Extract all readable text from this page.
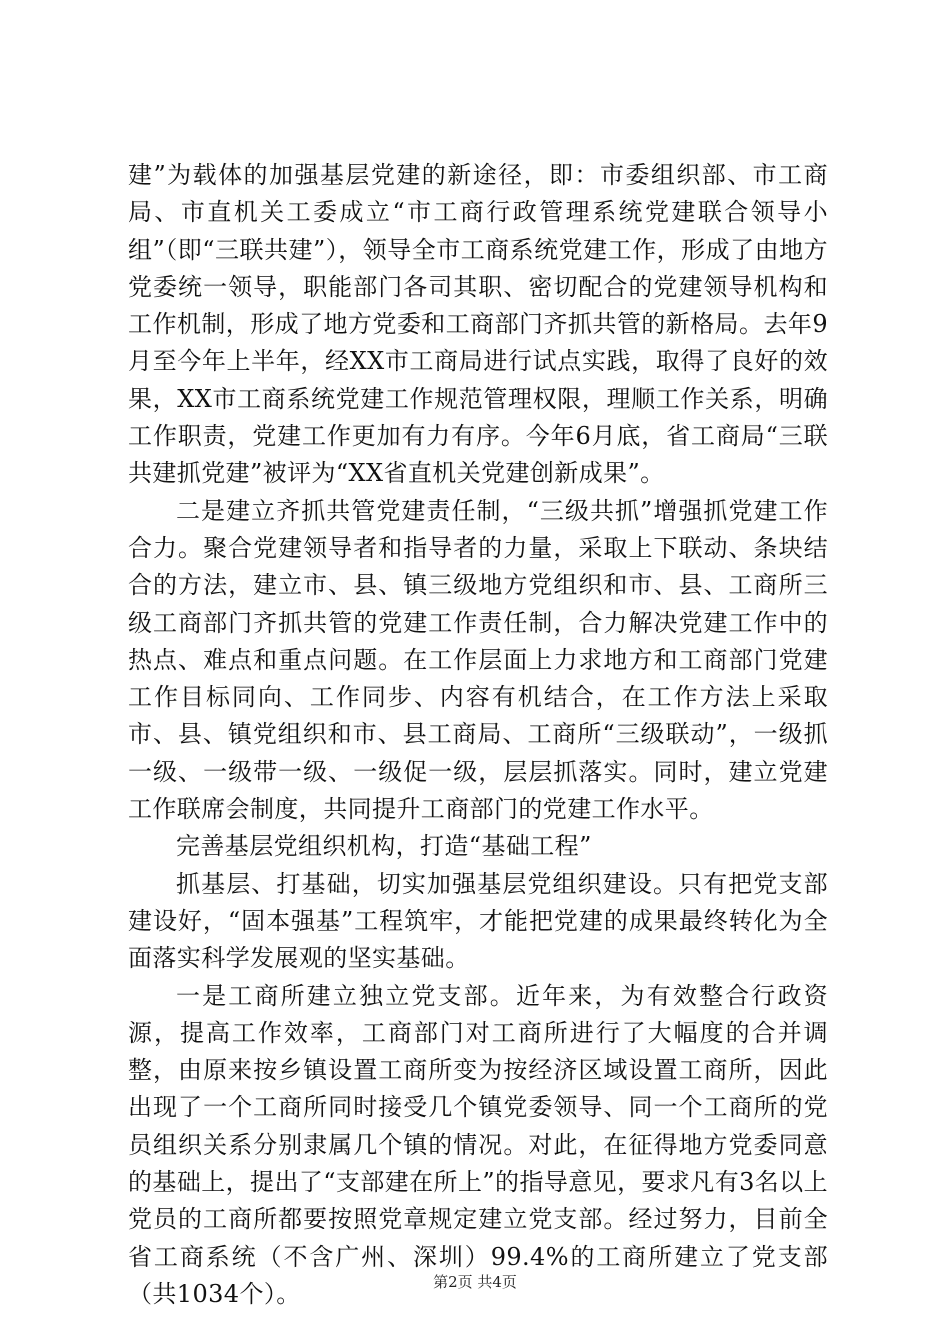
建”为载体的加强基层党建的新途径，即：市委组织部、市工商局、市直机关工委成立“市工商行政管理系统党建联合领导小组”（即“三联共建”），领导全市工商系统党建工作，形成了由地方党委统一领导，职能部门各司其职、密切配合的党建领导机构和工作机制，形成了地方党委和工商部门齐抓共管的新格局。去年9月至今年上半年，经XX市工商局进行试点实践，取得了良好的效果，XX市工商系统党建工作规范管理权限，理顺工作关系，明确工作职责，党建工作更加有力有序。今年6月底，省工商局“三联共建抓党建”被评为“XX省直机关党建创新成果”。

二是建立齐抓共管党建责任制，“三级共抓”增强抓党建工作合力。聚合党建领导者和指导者的力量，采取上下联动、条块结合的方法，建立市、县、镇三级地方党组织和市、县、工商所三级工商部门齐抓共管的党建工作责任制，合力解决党建工作中的热点、难点和重点问题。在工作层面上力求地方和工商部门党建工作目标同向、工作同步、内容有机结合，在工作方法上采取市、县、镇党组织和市、县工商局、工商所“三级联动”，一级抓一级、一级带一级、一级促一级，层层抓落实。同时，建立党建工作联席会制度，共同提升工商部门的党建工作水平。

完善基层党组织机构，打造“基础工程”

抓基层、打基础，切实加强基层党组织建设。只有把党支部建设好，“固本强基”工程筑牢，才能把党建的成果最终转化为全面落实科学发展观的坚实基础。

一是工商所建立独立党支部。近年来，为有效整合行政资源，提高工作效率，工商部门对工商所进行了大幅度的合并调整，由原来按乡镇设置工商所变为按经济区域设置工商所，因此出现了一个工商所同时接受几个镇党委领导、同一个工商所的党员组织关系分别隶属几个镇的情况。对此，在征得地方党委同意的基础上，提出了“支部建在所上”的指导意见，要求凡有3名以上党员的工商所都要按照党章规定建立党支部。经过努力，目前全省工商系统（不含广州、深圳）99.4%的工商所建立了党支部（共1034个）。	第2页 共4页
